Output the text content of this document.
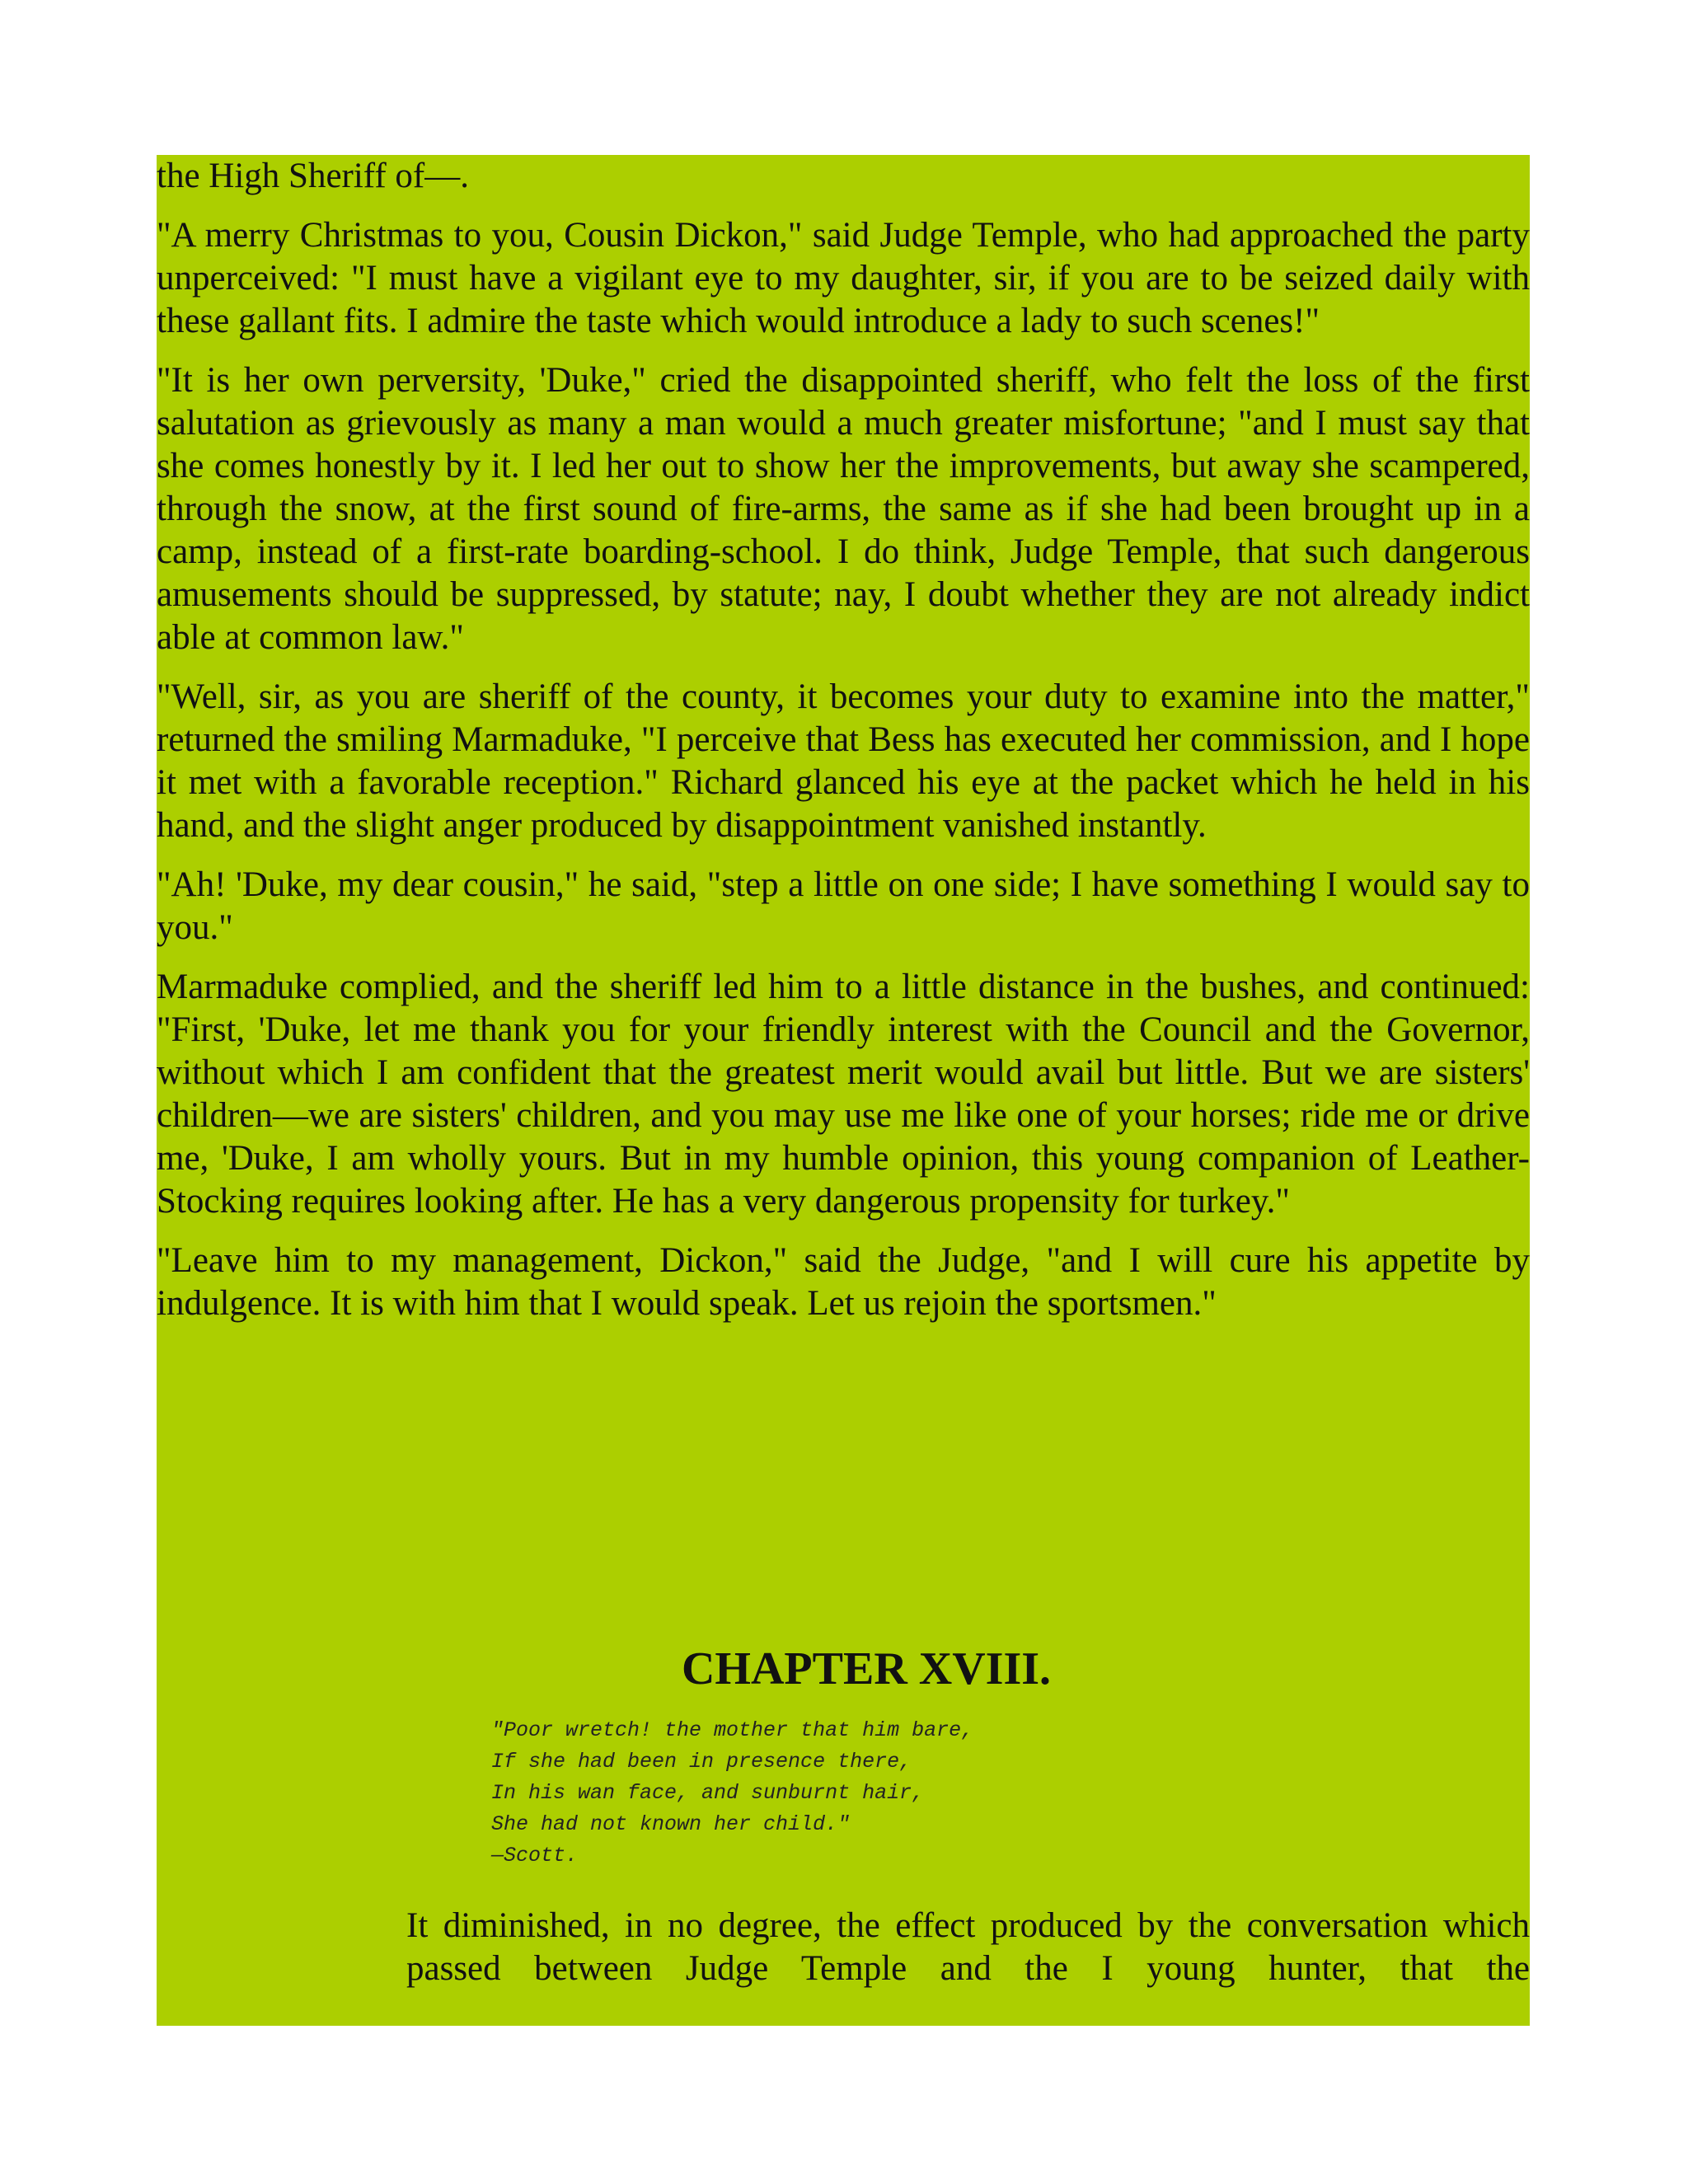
the High Sheriff of—.

"A merry Christmas to you, Cousin Dickon," said Judge Temple, who had approached the party unperceived: "I must have a vigilant eye to my daughter, sir, if you are to be seized daily with these gallant fits. I admire the taste which would introduce a lady to such scenes!"

"It is her own perversity, 'Duke," cried the disappointed sheriff, who felt the loss of the first salutation as grievously as many a man would a much greater misfortune; "and I must say that she comes honestly by it. I led her out to show her the improvements, but away she scampered, through the snow, at the first sound of fire-arms, the same as if she had been brought up in a camp, instead of a first-rate boarding-school. I do think, Judge Temple, that such dangerous amusements should be suppressed, by statute; nay, I doubt whether they are not already indict able at common law."

"Well, sir, as you are sheriff of the county, it becomes your duty to examine into the matter," returned the smiling Marmaduke, "I perceive that Bess has executed her commission, and I hope it met with a favorable reception." Richard glanced his eye at the packet which he held in his hand, and the slight anger produced by disappointment vanished instantly.

"Ah! 'Duke, my dear cousin," he said, "step a little on one side; I have something I would say to you."

Marmaduke complied, and the sheriff led him to a little distance in the bushes, and continued: "First, 'Duke, let me thank you for your friendly interest with the Council and the Governor, without which I am confident that the greatest merit would avail but little. But we are sisters' children—we are sisters' children, and you may use me like one of your horses; ride me or drive me, 'Duke, I am wholly yours. But in my humble opinion, this young companion of Leather-Stocking requires looking after. He has a very dangerous propensity for turkey."

"Leave him to my management, Dickon," said the Judge, "and I will cure his appetite by indulgence. It is with him that I would speak. Let us rejoin the sportsmen."

CHAPTER XVIII.
"Poor wretch! the mother that him bare,
If she had been in presence there,
In his wan face, and sunburnt hair,
She had not known her child."
—Scott.
It diminished, in no degree, the effect produced by the conversation which passed between Judge Temple and the I young hunter, that the
